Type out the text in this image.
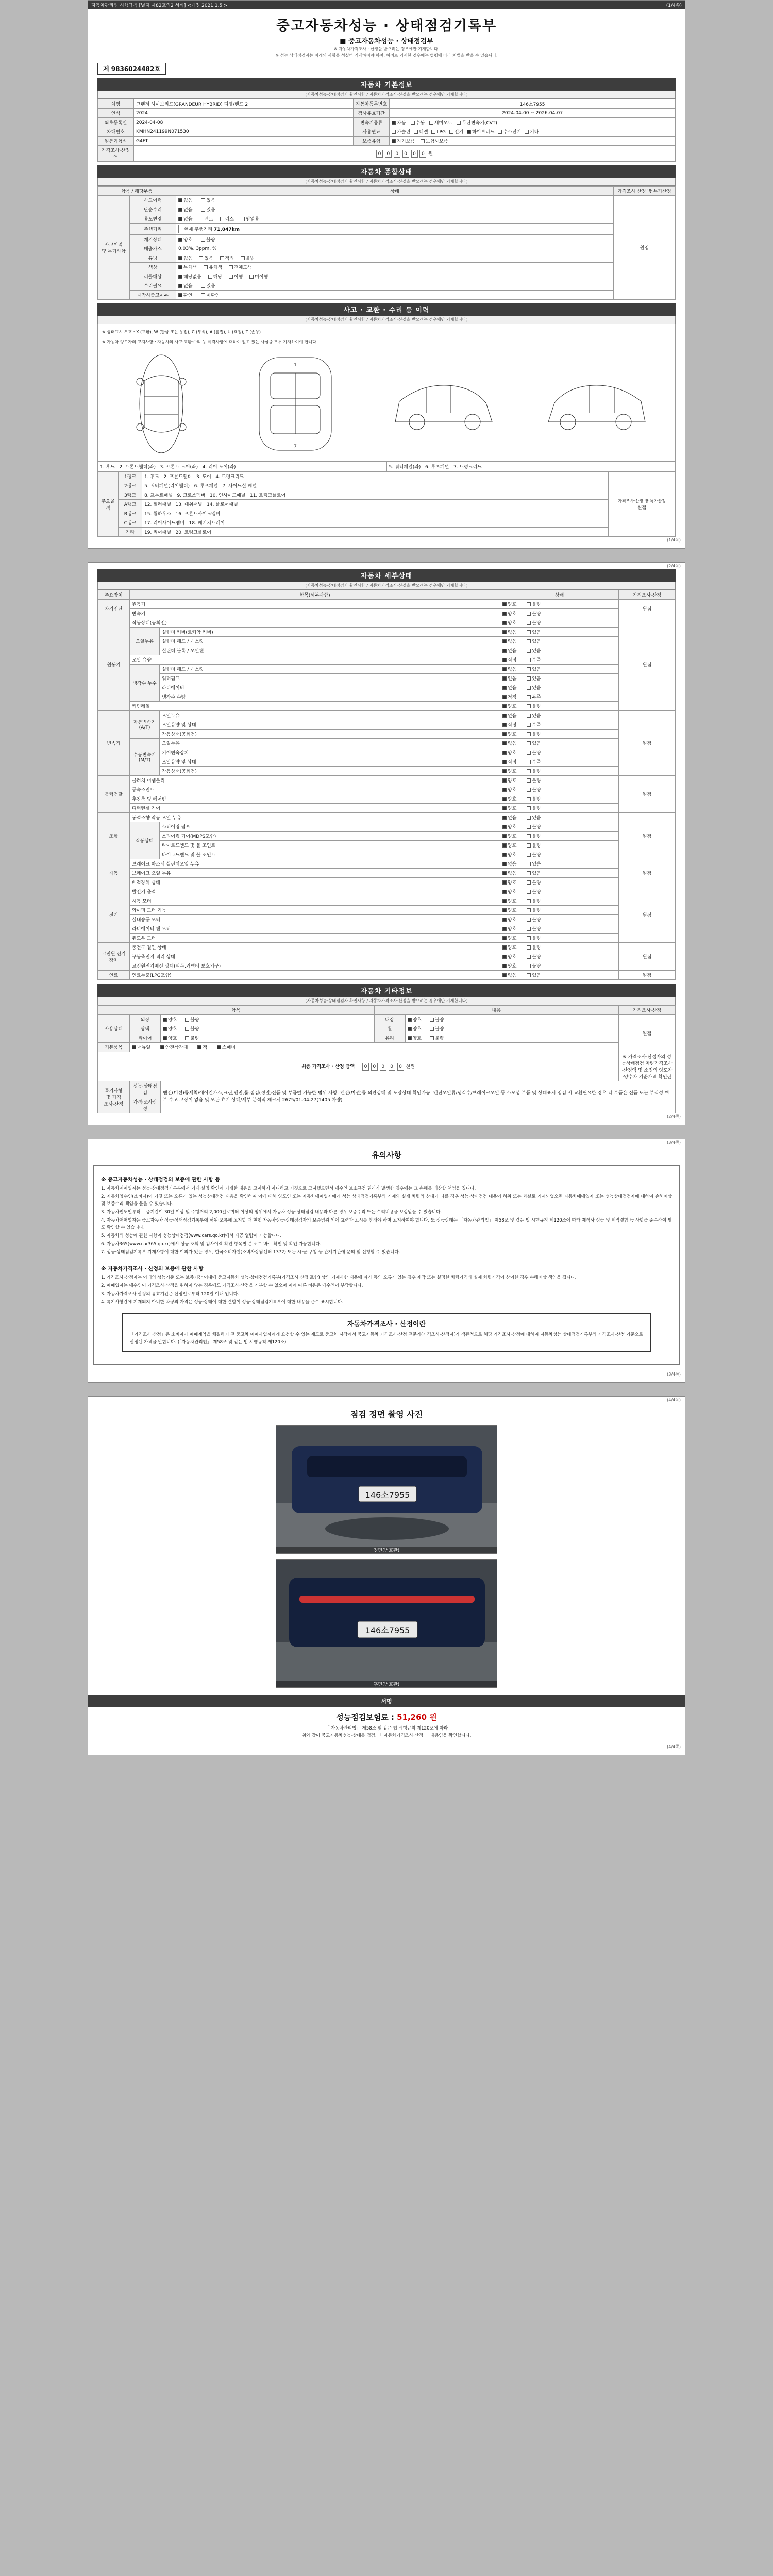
자동차관리법 시행규칙 [별지 제82호의2 서식] <개정 2021.1.5.>	(1/4쪽)
중고자동차성능 · 상태점검기록부
■ 중고자동차성능 · 상태점검부
※ 자동차가격조사 · 산정을 받으려는 경우에만 기재합니다.
※ 성능·상태점검자는 아래의 사항을 성실히 기재하여야 하며, 허위로 기재한 경우에는 법령에 따라 처벌을 받을 수 있습니다.
제 9836024482호
자동차 기본정보
(자동차성능·상태점검자 확인사항 / 자동차가격조사·산정을 받으려는 경우에만 기재합니다)
차명	그랜저 하이브리드(GRANDEUR HYBRID) 디젤/밴드 2	자동차등록번호	146소7955
연식	2024	검사유효기간	2024-04-00 ~ 2026-04-07
최초등록일	2024-04-08	변속기종류	자동 수동 세미오토 무단변속기(CVT)
차대번호	KMHN241199N071530	사용연료	가솔린 디젤 LPG 전기 하이브리드 수소전기 기타
원동기형식	G4FT	보증유형	자기보증 보험사보증
가격조사·산정액	0 0 0 0 0 0 원		
자동차 종합상태
(자동차성능·상태점검자 확인사항 / 자동차가격조사·산정을 받으려는 경우에만 기재합니다)
항목 / 해당부품		상태	가격조사·산정 방 특가산정
사고이력
및 특기사항	사고이력	없음 있음	원점
	단순수리	없음 있음	
	용도변경	없음 렌트 리스 영업용	
	주행거리	현재 주행거리 71,047km	
	계기상태	양호 불량	
	배출가스	0.03%, 3ppm, %	
	튜닝	없음 있음 적법 불법	
	색상	무채색 유채색 전체도색	
	리콜대상	해당없음 해당 이행 미이행	
	수리필요	없음 있음	
	제작사출고여부	확인 미확인	
사고 · 교환 · 수리 등 이력
(자동차성능·상태점검자 확인사항 / 자동차가격조사·산정을 받으려는 경우에만 기재합니다)
※ 상태표시 부호 : X (교환), W (판금 또는 용접), C (부식), A (흠집), U (요철), T (손상)
※ 자동차 양도자의 고지사항 : 자동차의 사고·교환·수리 등 이력사항에 대하여 알고 있는 사실을 모두 기재하여야 합니다.
1
7
1. 후드 2. 프론트휀더(좌) 3. 프론트 도어(좌) 4. 리어 도어(좌)	5. 쿼터패널(좌) 6. 루프패널 7. 트렁크리드
주요골격	1랭크	1. 후드 2. 프론트휀더 3. 도어 4. 트렁크리드	가격조사·산정 방 특가산정
원점

	2랭크	5. 쿼터패널(리어휀더) 6. 루프패널 7. 사이드실 패널	
	3랭크	8. 프론트패널 9. 크로스멤버 10. 인사이드패널 11. 트렁크플로어	
	A랭크	12. 필러패널 13. 대쉬패널 14. 플로어패널	
	B랭크	15. 휠하우스 16. 프론트사이드멤버	
	C랭크	17. 리어사이드멤버 18. 패키지트레이	
	기타	19. 리어패널 20. 트렁크플로어	
(1/4쪽)
(2/4쪽)
자동차 세부상태
(자동차성능·상태점검자 확인사항 / 자동차가격조사·산정을 받으려는 경우에만 기재합니다)
주요장치	항목(세부사항)		상태	가격조사·산정
자기진단	원동기		양호 불량	원점
	변속기		양호 불량	
원동기	작동상태(공회전)		양호 불량	원점
	오일누유	실린더 커버(로커암 커버)	없음 있음	
		실린더 헤드 / 개스킷	없음 있음	
		실린더 블록 / 오일팬	없음 있음	
	오일 유량		적정 부족	
	냉각수 누수	실린더 헤드 / 개스킷	없음 있음	
		워터펌프	없음 있음	
		라디에이터	없음 있음	
		냉각수 수량	적정 부족	
	커먼레일		양호 불량	
변속기	자동변속기 (A/T)	오일누유	없음 있음	원점
		오일유량 및 상태	적정 부족	
		작동상태(공회전)	양호 불량	
	수동변속기 (M/T)	오일누유	없음 있음	
		기어변속장치	양호 불량	
		오일유량 및 상태	적정 부족	
		작동상태(공회전)	양호 불량	
동력전달	클러치 어셈블리		양호 불량	원점
	등속조인트		양호 불량	
	추진축 및 베어링		양호 불량	
	디퍼렌셜 기어		양호 불량	
조향	동력조향 작동 오일 누유		없음 있음	원점
	작동상태	스티어링 펌프	양호 불량	
		스티어링 기어(MDPS포함)	양호 불량	
		타이로드엔드 및 볼 조인트	양호 불량	
		타이로드엔드 및 볼 조인트	양호 불량	
제동	브레이크 마스터 실린더오일 누유		없음 있음	원점
	브레이크 오일 누유		없음 있음	
	배력장치 상태		양호 불량	
전기	발전기 출력		양호 불량	원점
	시동 모터		양호 불량	
	와이퍼 모터 기능		양호 불량	
	실내송풍 모터		양호 불량	
	라디에이터 팬 모터		양호 불량	
	윈도우 모터		양호 불량	
고전원 전기장치	충전구 절연 상태		양호 불량	원점
	구동축전지 격리 상태		양호 불량	
	고전원전기배선 상태(피복,커넥터,보호기구)		양호 불량	
연료	연료누출(LPG포함)		없음 있음	원점
자동차 기타정보
(자동차성능·상태점검자 확인사항 / 자동차가격조사·산정을 받으려는 경우에만 기재합니다)
항목			내용		가격조사·산정
사용상태	외장	양호 불량	내장	양호 불량	원점
	광택	양호 불량	휠	양호 불량	
	타이어	양호 불량	유리	양호 불량	
기본품목	매뉴얼 안전삼각대 잭 스패너				
최종 가격조사 · 산정 금액 0 0 0 0 0 천원					※ 가격조사·산정자의 성능상태점검 차량가격조사·산정액 및 소정의 양도자·양수자 기준가격 확인란
특기사항
및 가격
조사·산정	성능·상태점검	엔진(미션)룸세척/에어컨가스,크린,엔진,룸,점검(정밀)신품 및 부품별 가능한 범위 사항. 엔진(미션)룸 외관상태 및 도장상태 확인가능. 엔진오일류/냉각수/브레이크오일 등 소모성 부품 및 상태표시 점검 시 교환필요한 경우 각 부품은 신품 또는 부식성 여부 수고 고장이 없음 및 모든 효기 상태/세부 분석적 체크시 2675/01-04-27(1405 차량)			
	가격·조사산정				
(2/4쪽)
(3/4쪽)
유의사항
※ 중고자동차성능 · 상태점검의 보증에 관한 사항 등

1. 자동차매매업자는 성능·상태점검기록부에서 기재·설명 확인에 기재한 내용을 고지하지 아니하고 거짓으로 고지했으면서 매수인 보호규정 권리가 발생한 경우에는 그 손해를 배상할 책임을 집니다.

2. 자동차양수인(소비자)이 거짓 또는 오류가 있는 성능상태점검 내용을 확인하여 이에 대해 양도인 또는 자동차매매업자에게 성능·상태점검기록부의 기재와 실제 차량의 상태가 다를 경우 성능·상태점검 내용이 허위 또는 과실로 기재되었으면 자동차매매업자 또는 성능상태점검자에 대하여 손해배상 및 보증수리 책임을 물을 수 있습니다.

3. 자동차인도일부터 보증기간이 30일 이상 및 주행거리 2,000킬로미터 이상의 범위에서 자동차 성능·상태점검 내용과 다른 경우 보증수리 또는 수리비용을 보상받을 수 있습니다.

4. 자동차매매업자는 중고자동차 성능·상태점검기록부에 허위·오류에 고지할 때 현행 자동차성능·상태점검자의 보증범위 외에 효력과 고시를 참해야 하며 고지하여야 합니다. 또 성능상태는 「자동차관리법」 제58조 및 같은 법 시행규칙 제120조에 따라 제작사 성능 및 제작결함 등 사항을 준수하여 별도 확인할 수 있습니다.

5. 자동차의 성능에 관한 사항이 성능상태점검(www.cars.go.kr)에서 제공 열람이 가능합니다.

6. 자동차365(www.car365.go.kr)에서 성능 조회 및 검사이력 확인 항목별 본 코드 바로 확인 및 확인 가능합니다.

7. 성능·상태점검기록부 기재사항에 대한 이의가 있는 경우, 한국소비자원(소비자상담센터 1372) 또는 시·군·구청 등 관계기관에 문의 및 신청할 수 있습니다.

※ 자동차가격조사 · 산정의 보증에 관한 사항

1. 가격조사·산정자는 아래의 성능기준 또는 보증기간 이내에 중고자동차 성능·상태점검기록부(가격조사·산정 포함) 상의 기재사항 내용에 따라 동의 오류가 있는 경우 제작 또는 설명한 차량가격과 실제 차량가격이 상이한 경우 손해배상 책임을 집니다.

2. 매매업자는 매수인이 가격조사·산정을 원하지 않는 경우에도 가격조사·산정을 거부할 수 없으며 이에 따른 비용은 매수인이 부담합니다.

3. 자동차가격조사·산정의 유효기간은 산정일로부터 120일 이내 입니다.

4. 특기사항란에 기재되지 아니한 차량의 가격은 성능·상태에 대한 결함이 성능·상태점검기록부에 대한 내용을 준수 표시합니다.

자동차가격조사 · 산정이란

「가격조사·산정」은 소비자가 매매계약을 체결하기 전 중고차 매매사업자에게 요청할 수 있는 제도로 중고차 시장에서 중고자동차 가격조사·산정 전문가(가격조사·산정자)가 객관적으로 해당 가격조사·산정에 대하여 자동차성능·상태점검기록부의 가격조사·산정 기준으로 산정된 가격을 말합니다. (「자동차관리법」 제58조 및 같은 법 시행규칙 제120조)

(3/4쪽)
(4/4쪽)
점검 정면 촬영 사진
146소7955
정면(번호판)
146소7955
후면(번호판)
서명
성능점검보험료 : 51,260 원
「 자동차관리법」 제58조 및 같은 법 시행규칙 제120조에 따라
위와 같이 중고자동차성능·상태를 점검, 「 자동차가격조사·산정 」 내용임을 확인합니다.
(4/4쪽)
